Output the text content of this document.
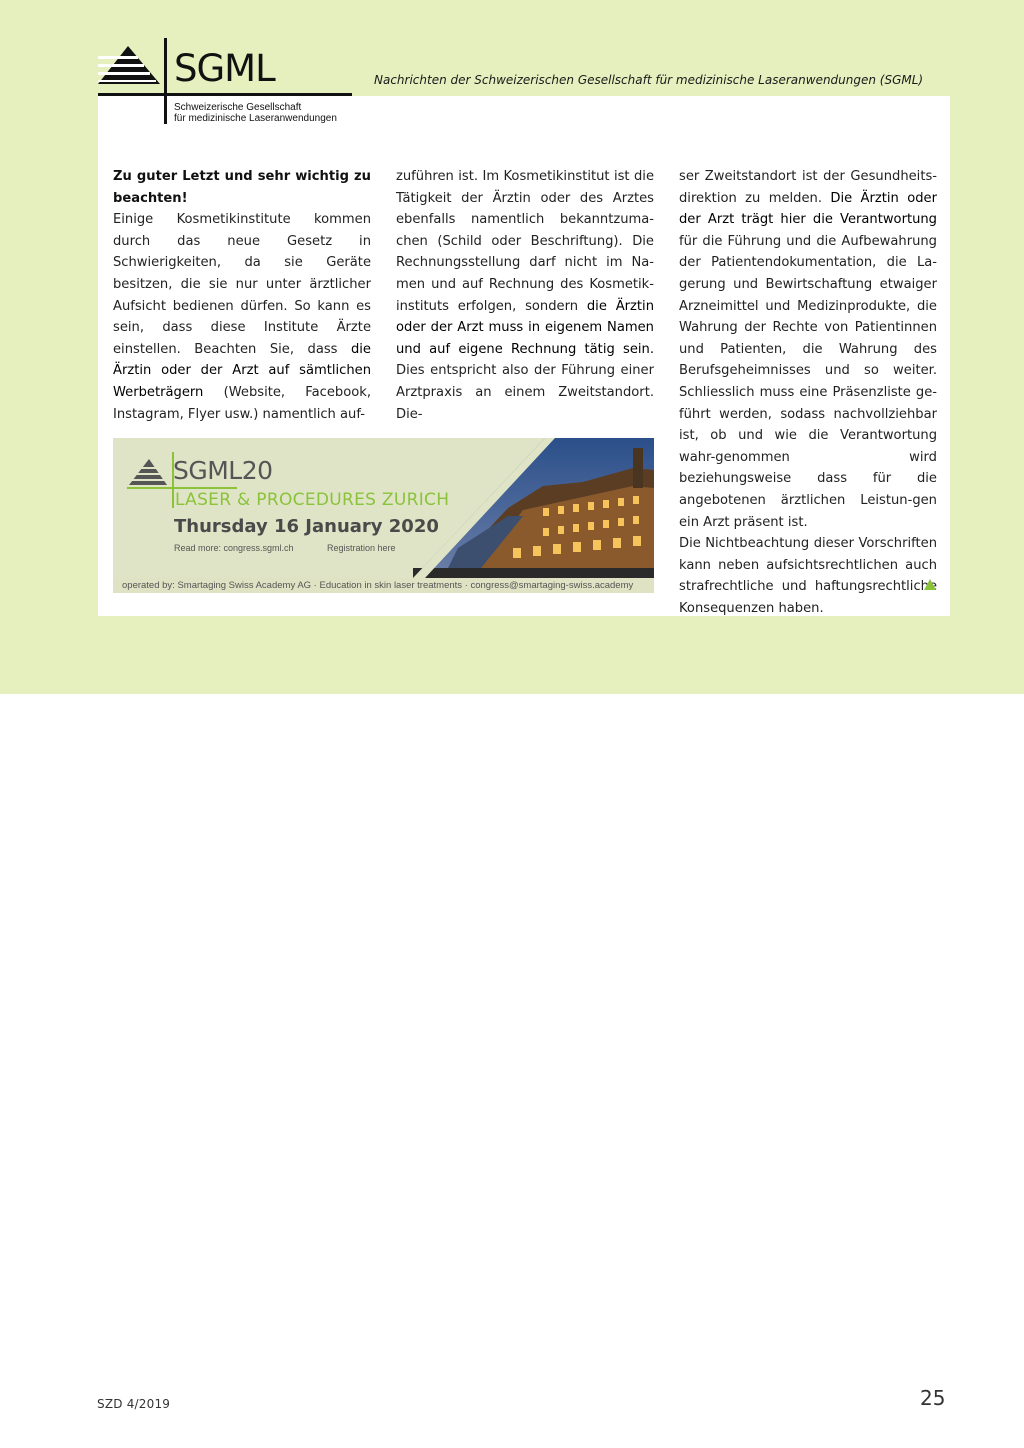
SGML
Schweizerische Gesellschaft
für medizinische Laseranwendungen
Nachrichten der Schweizerischen Gesellschaft für medizinische Laseranwendungen (SGML)

Zu guter Letzt und sehr wichtig zu beachten!

Einige Kosmetikinstitute kommen durch das neue Gesetz in Schwierigkeiten, da sie Geräte besitzen, die sie nur unter ärztlicher Aufsicht bedienen dürfen. So kann es sein, dass diese Institute Ärzte einstellen. Beachten Sie, dass die Ärztin oder der Arzt auf sämtlichen Werbeträgern (Website, Facebook, Instagram, Flyer usw.) namentlich auf-

zuführen ist. Im Kosmetikinstitut ist die Tätigkeit der Ärztin oder des Arztes ebenfalls namentlich bekanntzuma-chen (Schild oder Beschriftung). Die Rechnungsstellung darf nicht im Na-men und auf Rechnung des Kosmetik-instituts erfolgen, sondern die Ärztin oder der Arzt muss in eigenem Namen und auf eigene Rechnung tätig sein. Dies entspricht also der Führung einer Arztpraxis an einem Zweitstandort. Die-

ser Zweitstandort ist der Gesundheits-direktion zu melden. Die Ärztin oder der Arzt trägt hier die Verantwortung für die Führung und die Aufbewahrung der Patientendokumentation, die La-gerung und Bewirtschaftung etwaiger Arzneimittel und Medizinprodukte, die Wahrung der Rechte von Patientinnen und Patienten, die Wahrung des Berufsgeheimnisses und so weiter. Schliesslich muss eine Präsenzliste ge-führt werden, sodass nachvollziehbar ist, ob und wie die Verantwortung wahr-genommen wird beziehungsweise dass für die angebotenen ärztlichen Leistun-gen ein Arzt präsent ist.

Die Nichtbeachtung dieser Vorschriften kann neben aufsichtsrechtlichen auch strafrechtliche und haftungsrechtliche Konsequenzen haben.

SGML20
LASER & PROCEDURES ZURICH
Thursday 16 January 2020
Read more: congress.sgml.ch	Registration here
operated by: Smartaging Swiss Academy AG · Education in skin laser treatments · congress@smartaging-swiss.academy
SZD 4/2019	25
